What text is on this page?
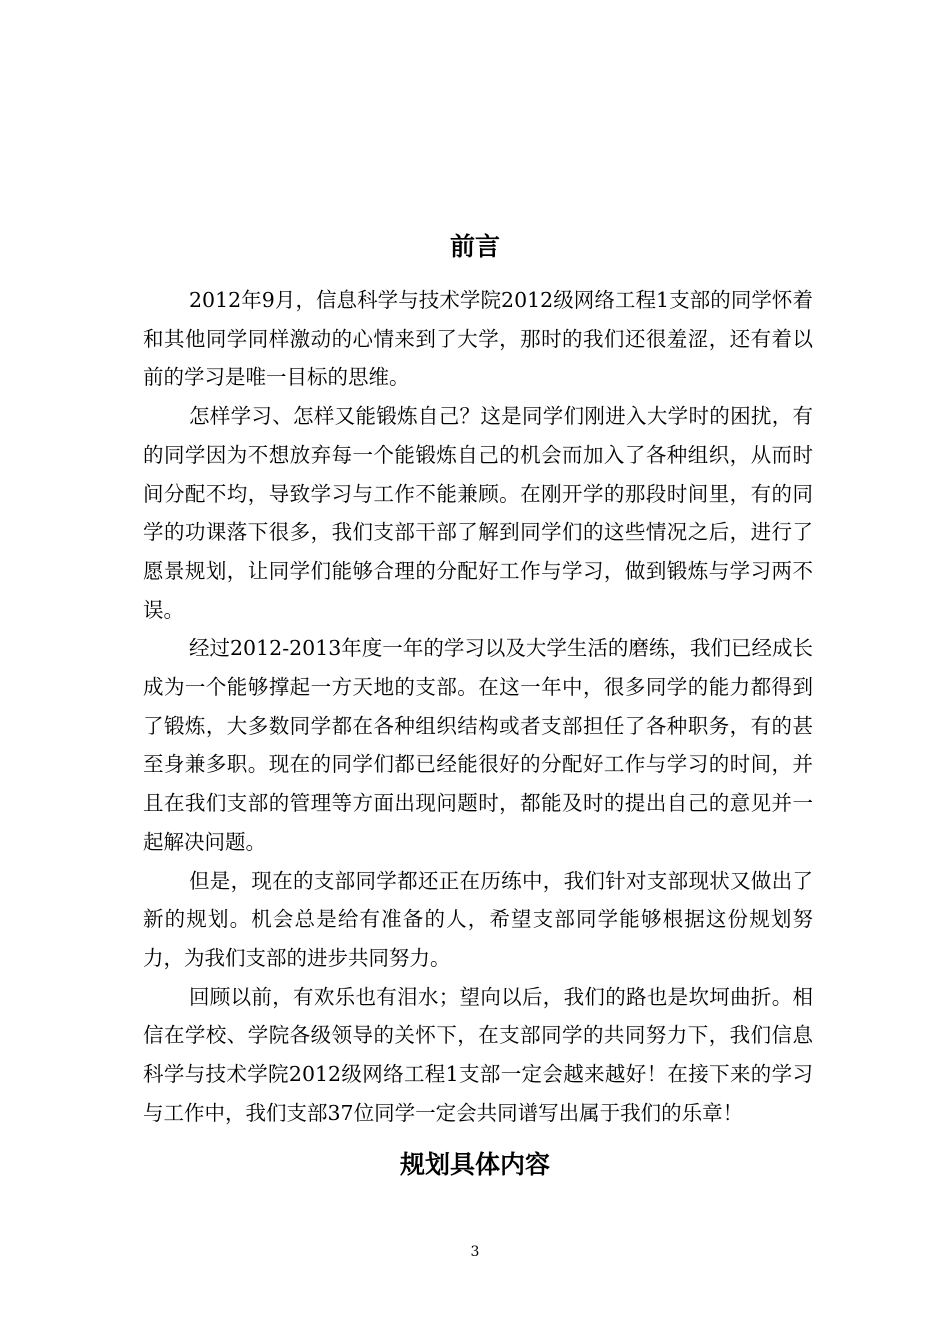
前言

2012年9月，信息科学与技术学院2012级网络工程1支部的同学怀着和其他同学同样激动的心情来到了大学，那时的我们还很羞涩，还有着以前的学习是唯一目标的思维。

怎样学习、怎样又能锻炼自己？这是同学们刚进入大学时的困扰，有的同学因为不想放弃每一个能锻炼自己的机会而加入了各种组织，从而时间分配不均，导致学习与工作不能兼顾。在刚开学的那段时间里，有的同学的功课落下很多，我们支部干部了解到同学们的这些情况之后，进行了愿景规划，让同学们能够合理的分配好工作与学习，做到锻炼与学习两不误。

经过2012-2013年度一年的学习以及大学生活的磨练，我们已经成长成为一个能够撑起一方天地的支部。在这一年中，很多同学的能力都得到了锻炼，大多数同学都在各种组织结构或者支部担任了各种职务，有的甚至身兼多职。现在的同学们都已经能很好的分配好工作与学习的时间，并且在我们支部的管理等方面出现问题时，都能及时的提出自己的意见并一起解决问题。

但是，现在的支部同学都还正在历练中，我们针对支部现状又做出了新的规划。机会总是给有准备的人，希望支部同学能够根据这份规划努力，为我们支部的进步共同努力。

回顾以前，有欢乐也有泪水；望向以后，我们的路也是坎坷曲折。相信在学校、学院各级领导的关怀下，在支部同学的共同努力下，我们信息科学与技术学院2012级网络工程1支部一定会越来越好！在接下来的学习与工作中，我们支部37位同学一定会共同谱写出属于我们的乐章！

规划具体内容
3
